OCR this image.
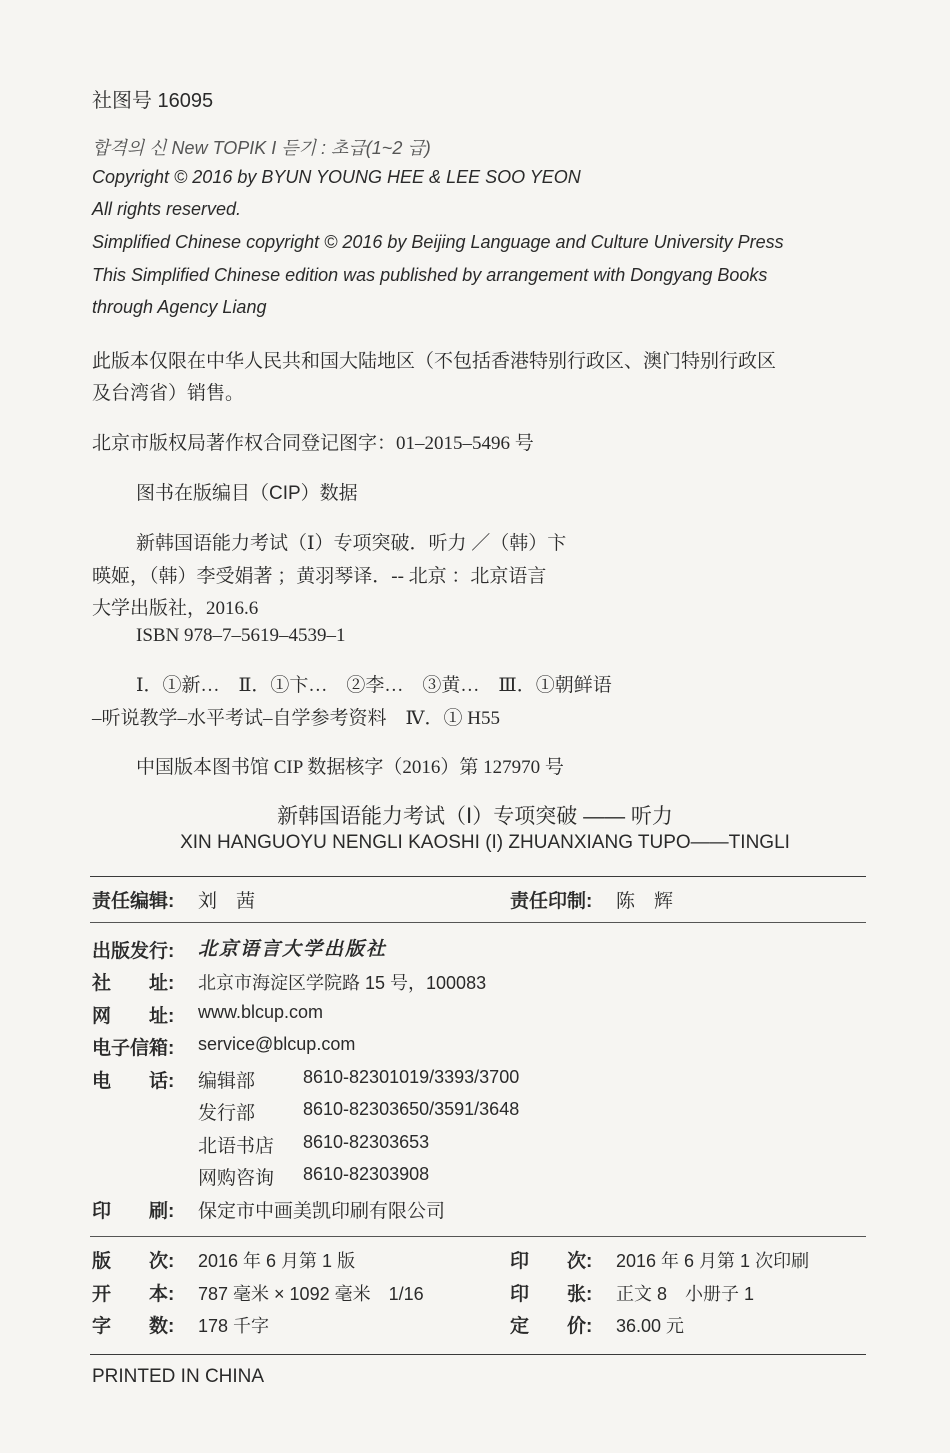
社图号 16095
합격의 신 New TOPIK I 듣기 : 초급(1~2 급)
Copyright © 2016 by BYUN YOUNG HEE & LEE SOO YEON
All rights reserved.
Simplified Chinese copyright © 2016 by Beijing Language and Culture University Press
This Simplified Chinese edition was published by arrangement with Dongyang Books
through Agency Liang
此版本仅限在中华人民共和国大陆地区（不包括香港特别行政区、澳门特别行政区
及台湾省）销售。
北京市版权局著作权合同登记图字：01–2015–5496 号
图书在版编目（CIP）数据
新韩国语能力考试（Ⅰ）专项突破．听力 ／（韩）卞
暎姬，（韩）李受娟著 ；黄羽琴译．-- 北京 ：北京语言
大学出版社，2016.6
ISBN 978–7–5619–4539–1
Ⅰ．①新…　Ⅱ．①卞…　②李…　③黄…　Ⅲ．①朝鲜语
–听说教学–水平考试–自学参考资料　Ⅳ．① H55
中国版本图书馆 CIP 数据核字（2016）第 127970 号
新韩国语能力考试（Ⅰ）专项突破 —— 听力
XIN HANGUOYU NENGLI KAOSHI (I) ZHUANXIANG TUPO——TINGLI
责任编辑: 刘　茜	责任印制: 陈　辉
出版发行: 北京语言大学出版社
社　　址: 北京市海淀区学院路 15 号，100083
网　　址: www.blcup.com
电子信箱: service@blcup.com
电　　话: 编辑部	8610-82301019/3393/3700
发行部	8610-82303650/3591/3648
北语书店 8610-82303653
网购咨询 8610-82303908
印　　刷: 保定市中画美凯印刷有限公司
版　　次: 2016 年 6 月第 1 版	印　　次: 2016 年 6 月第 1 次印刷
开　　本: 787 毫米 × 1092 毫米　1/16	印　　张: 正文 8　小册子 1
字　　数: 178 千字	定　　价: 36.00 元
PRINTED IN CHINA
